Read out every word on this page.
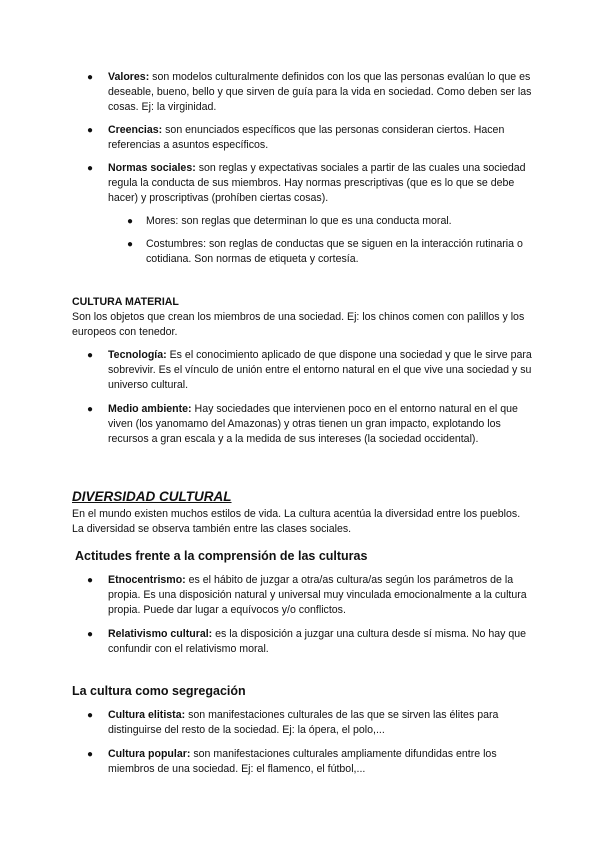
● Valores: son modelos culturalmente definidos con los que las personas evalúan lo que es deseable, bueno, bello y que sirven de guía para la vida en sociedad. Como deben ser las cosas. Ej: la virginidad.
● Creencias: son enunciados específicos que las personas consideran ciertos. Hacen referencias a asuntos específicos.
● Normas sociales: son reglas y expectativas sociales a partir de las cuales una sociedad regula la conducta de sus miembros. Hay normas prescriptivas (que es lo que se debe hacer) y proscriptivas (prohíben ciertas cosas).
● Mores: son reglas que determinan lo que es una conducta moral.
● Costumbres: son reglas de conductas que se siguen en la interacción rutinaria o cotidiana. Son normas de etiqueta y cortesía.
CULTURA MATERIAL
Son los objetos que crean los miembros de una sociedad. Ej: los chinos comen con palillos y los europeos con tenedor.
● Tecnología: Es el conocimiento aplicado de que dispone una sociedad y que le sirve para sobrevivir. Es el vínculo de unión entre el entorno natural en el que vive una sociedad y su universo cultural.
● Medio ambiente: Hay sociedades que intervienen poco en el entorno natural en el que viven (los yanomamo del Amazonas) y otras tienen un gran impacto, explotando los recursos a gran escala y a la medida de sus intereses (la sociedad occidental).
DIVERSIDAD CULTURAL
En el mundo existen muchos estilos de vida. La cultura acentúa la diversidad entre los pueblos. La diversidad se observa también entre las clases sociales.
Actitudes frente a la comprensión de las culturas
● Etnocentrismo: es el hábito de juzgar a otra/as cultura/as según los parámetros de la propia. Es una disposición natural y universal muy vinculada emocionalmente a la cultura propia. Puede dar lugar a equívocos y/o conflictos.
● Relativismo cultural: es la disposición a juzgar una cultura desde sí misma. No hay que confundir con el relativismo moral.
La cultura como segregación
● Cultura elitista: son manifestaciones culturales de las que se sirven las élites para distinguirse del resto de la sociedad. Ej: la ópera, el polo,...
● Cultura popular: son manifestaciones culturales ampliamente difundidas entre los miembros de una sociedad. Ej: el flamenco, el fútbol,...
